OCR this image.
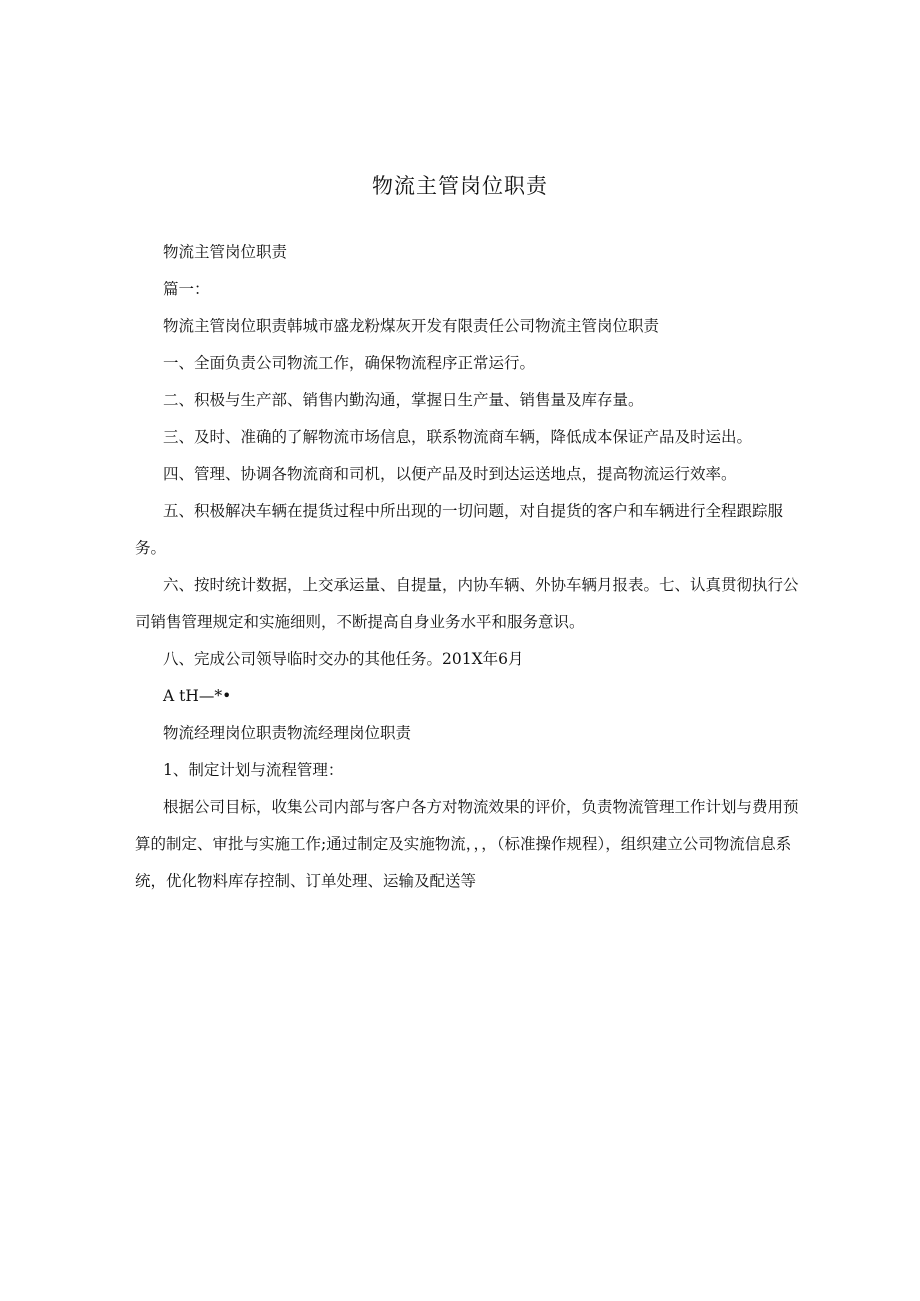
物流主管岗位职责

物流主管岗位职责

篇一：

物流主管岗位职责韩城市盛龙粉煤灰开发有限责任公司物流主管岗位职责

一、全面负责公司物流工作，确保物流程序正常运行。

二、积极与生产部、销售内勤沟通，掌握日生产量、销售量及库存量。

三、及时、准确的了解物流市场信息，联系物流商车辆，降低成本保证产品及时运出。

四、管理、协调各物流商和司机，以便产品及时到达运送地点，提高物流运行效率。

五、积极解决车辆在提货过程中所出现的一切问题，对自提货的客户和车辆进行全程跟踪服务。

六、按时统计数据，上交承运量、自提量，内协车辆、外协车辆月报表。七、认真贯彻执行公司销售管理规定和实施细则，不断提高自身业务水平和服务意识。

八、完成公司领导临时交办的其他任务。201X年6月

A tH—*•

物流经理岗位职责物流经理岗位职责

1、制定计划与流程管理：

根据公司目标，收集公司内部与客户各方对物流效果的评价，负责物流管理工作计划与费用预算的制定、审批与实施工作;通过制定及实施物流，，，（标准操作规程），组织建立公司物流信息系统，优化物料库存控制、订单处理、运输及配送等
